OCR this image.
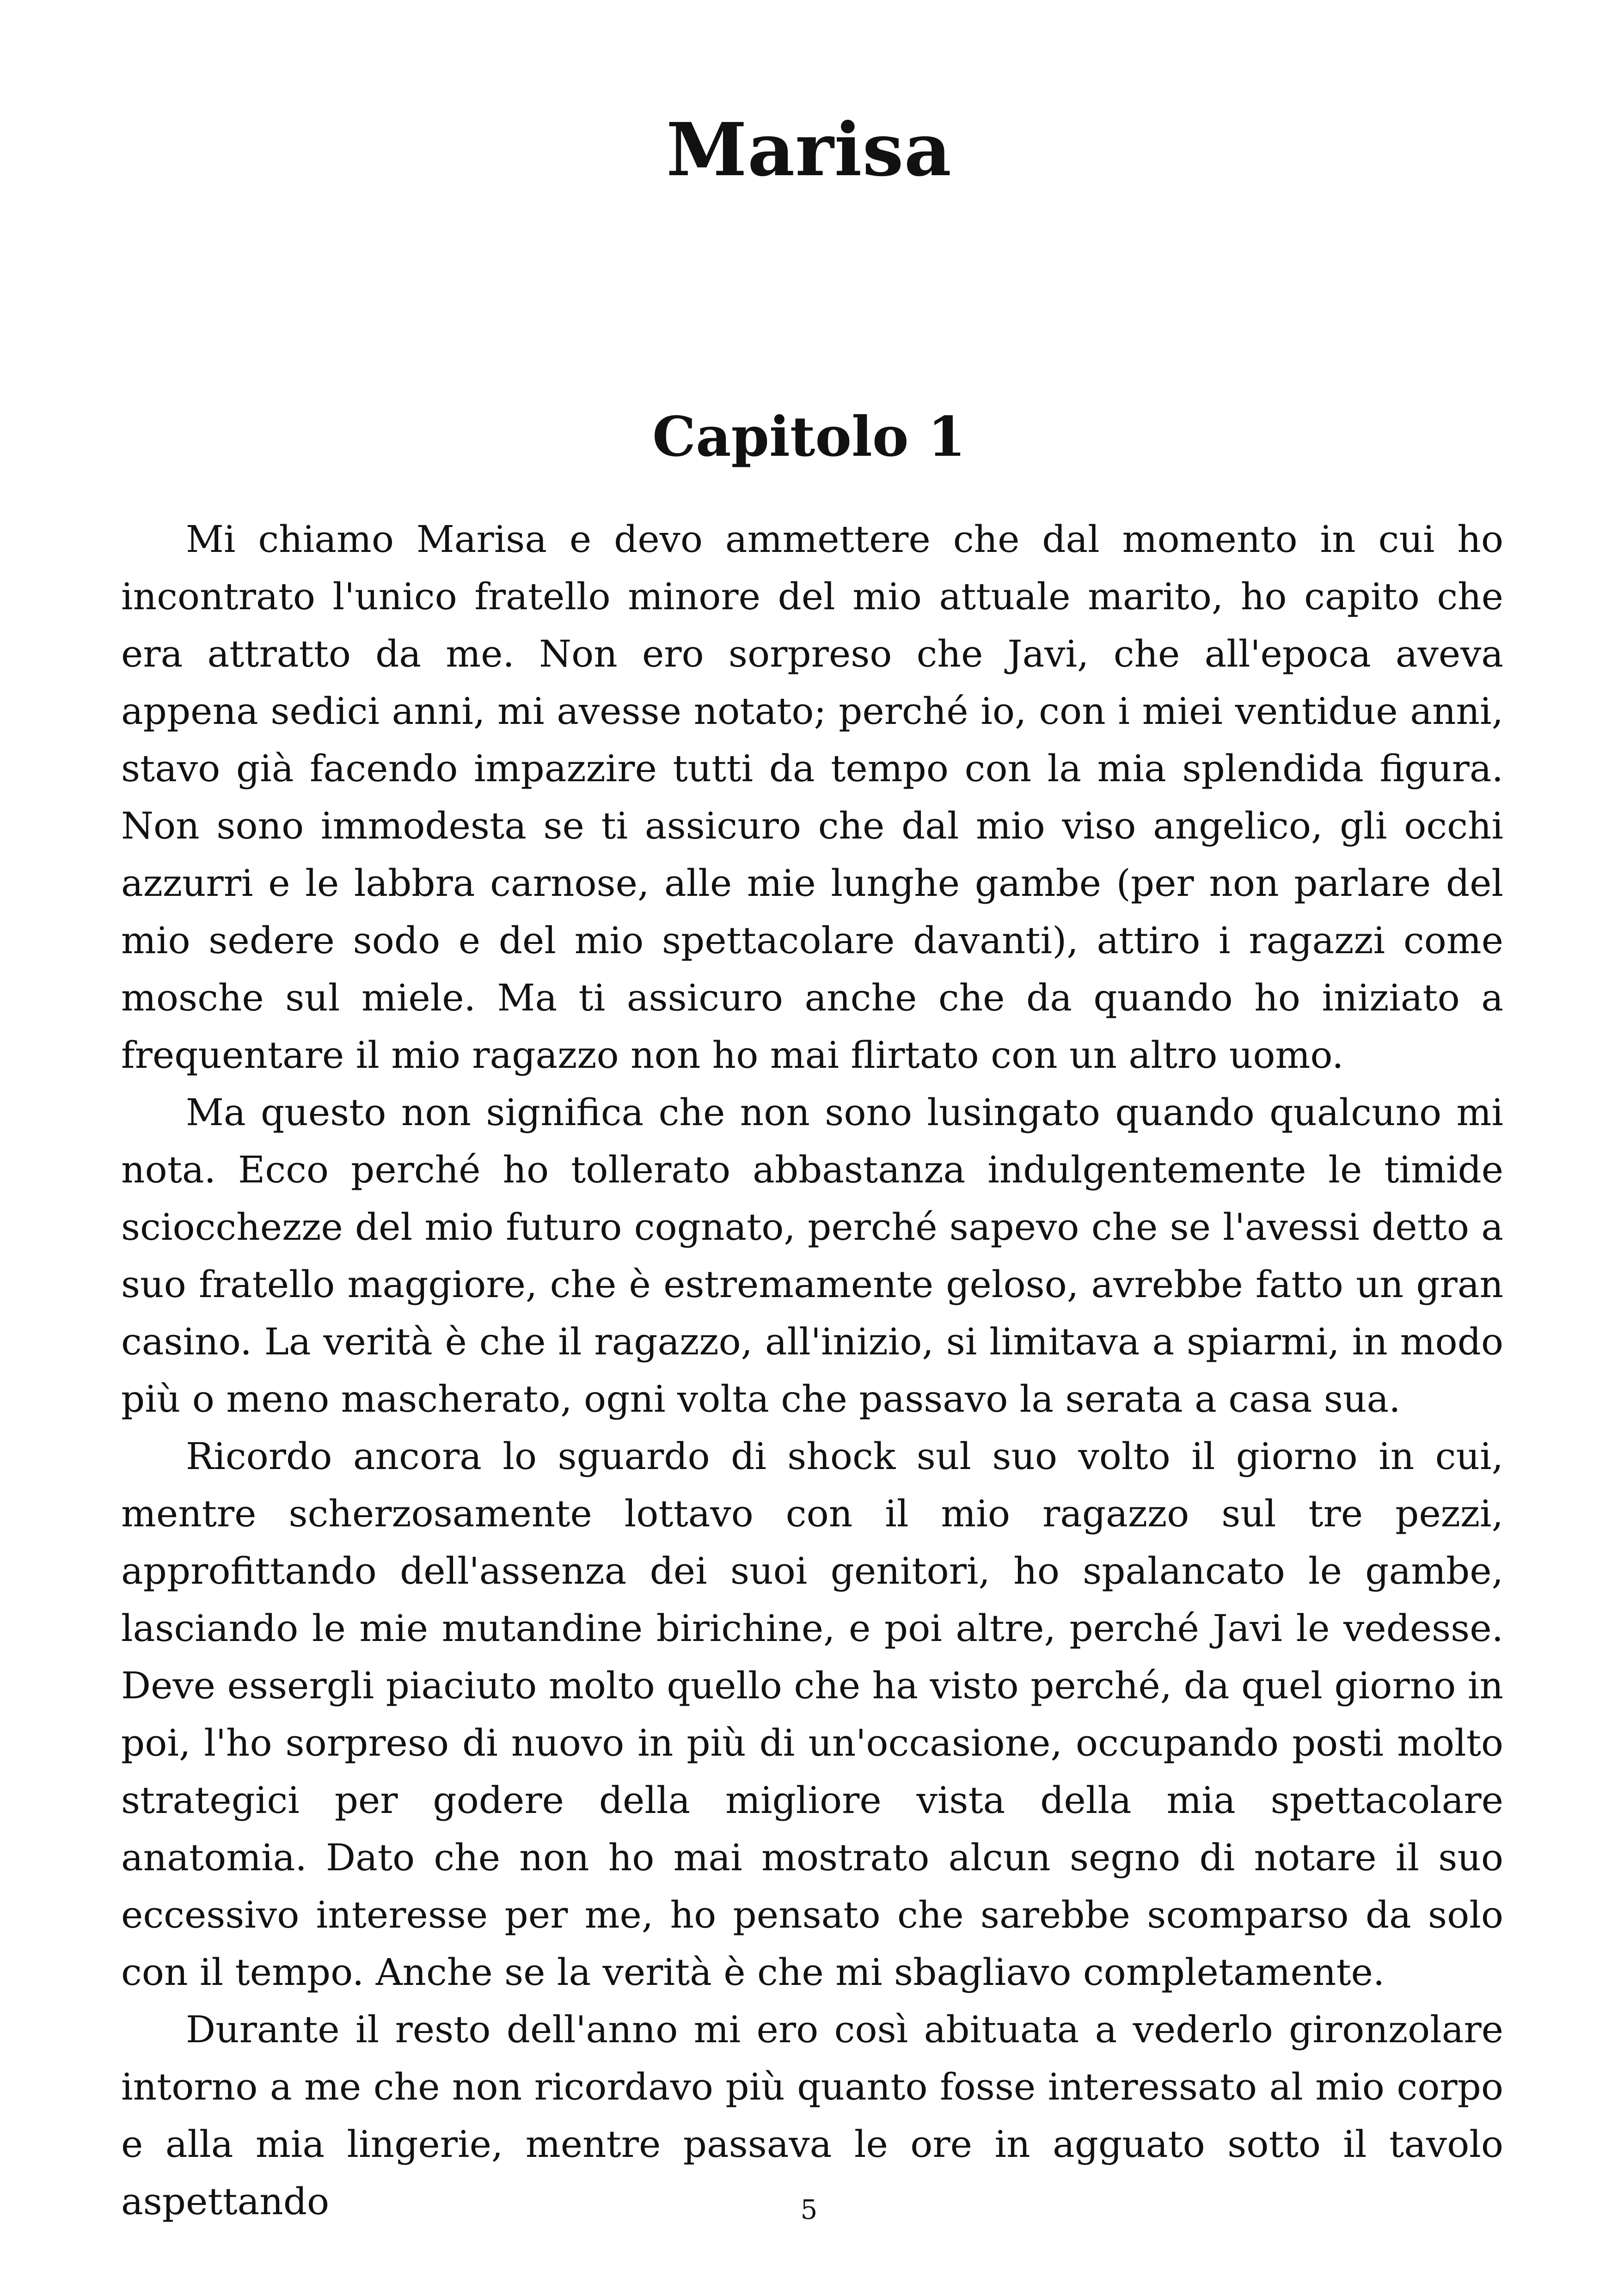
Marisa
Capitolo 1

Mi chiamo Marisa e devo ammettere che dal momento in cui ho incontrato l'unico fratello minore del mio attuale marito, ho capito che era attratto da me. Non ero sorpreso che Javi, che all'epoca aveva appena sedici anni, mi avesse notato; perché io, con i miei ventidue anni, stavo già facendo impazzire tutti da tempo con la mia splendida figura. Non sono immodesta se ti assicuro che dal mio viso angelico, gli occhi azzurri e le labbra carnose, alle mie lunghe gambe (per non parlare del mio sedere sodo e del mio spettacolare davanti), attiro i ragazzi come mosche sul miele. Ma ti assicuro anche che da quando ho iniziato a frequentare il mio ragazzo non ho mai flirtato con un altro uomo.

Ma questo non significa che non sono lusingato quando qualcuno mi nota. Ecco perché ho tollerato abbastanza indulgentemente le timide sciocchezze del mio futuro cognato, perché sapevo che se l'avessi detto a suo fratello maggiore, che è estremamente geloso, avrebbe fatto un gran casino. La verità è che il ragazzo, all'inizio, si limitava a spiarmi, in modo più o meno mascherato, ogni volta che passavo la serata a casa sua.

Ricordo ancora lo sguardo di shock sul suo volto il giorno in cui, mentre scherzosamente lottavo con il mio ragazzo sul tre pezzi, approfittando dell'assenza dei suoi genitori, ho spalancato le gambe, lasciando le mie mutandine birichine, e poi altre, perché Javi le vedesse. Deve essergli piaciuto molto quello che ha visto perché, da quel giorno in poi, l'ho sorpreso di nuovo in più di un'occasione, occupando posti molto strategici per godere della migliore vista della mia spettacolare anatomia. Dato che non ho mai mostrato alcun segno di notare il suo eccessivo interesse per me, ho pensato che sarebbe scomparso da solo con il tempo. Anche se la verità è che mi sbagliavo completamente.

Durante il resto dell'anno mi ero così abituata a vederlo gironzolare intorno a me che non ricordavo più quanto fosse interessato al mio corpo e alla mia lingerie, mentre passava le ore in agguato sotto il tavolo aspettando	5
